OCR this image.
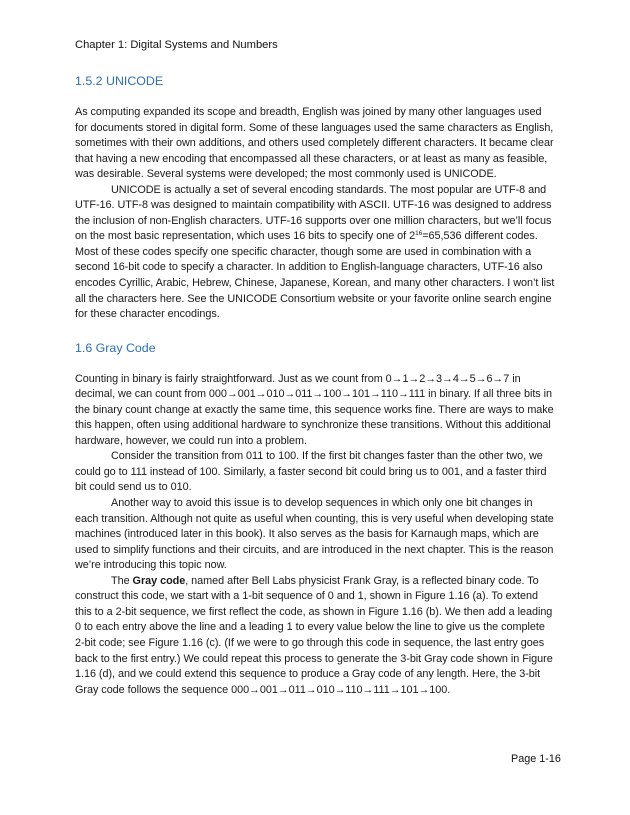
Chapter 1: Digital Systems and Numbers
1.5.2 UNICODE

As computing expanded its scope and breadth, English was joined by many other languages used for documents stored in digital form. Some of these languages used the same characters as English, sometimes with their own additions, and others used completely different characters. It became clear that having a new encoding that encompassed all these characters, or at least as many as feasible, was desirable. Several systems were developed; the most commonly used is UNICODE.

UNICODE is actually a set of several encoding standards. The most popular are UTF-8 and UTF-16. UTF-8 was designed to maintain compatibility with ASCII. UTF-16 was designed to address the inclusion of non-English characters. UTF-16 supports over one million characters, but we’ll focus on the most basic representation, which uses 16 bits to specify one of $2^{16}=65,536$ different codes. Most of these codes specify one specific character, though some are used in combination with a second 16-bit code to specify a character. In addition to English-language characters, UTF-16 also encodes Cyrillic, Arabic, Hebrew, Chinese, Japanese, Korean, and many other characters. I won’t list all the characters here. See the UNICODE Consortium website or your favorite online search engine for these character encodings.

1.6 Gray Code

Counting in binary is fairly straightforward. Just as we count from 0→1→2→3→4→5→6→7 in decimal, we can count from 000→001→010→011→100→101→110→111 in binary. If all three bits in the binary count change at exactly the same time, this sequence works fine. There are ways to make this happen, often using additional hardware to synchronize these transitions. Without this additional hardware, however, we could run into a problem.

Consider the transition from 011 to 100. If the first bit changes faster than the other two, we could go to 111 instead of 100. Similarly, a faster second bit could bring us to 001, and a faster third bit could send us to 010.

Another way to avoid this issue is to develop sequences in which only one bit changes in each transition. Although not quite as useful when counting, this is very useful when developing state machines (introduced later in this book). It also serves as the basis for Karnaugh maps, which are used to simplify functions and their circuits, and are introduced in the next chapter. This is the reason we’re introducing this topic now.

The Gray code, named after Bell Labs physicist Frank Gray, is a reflected binary code. To construct this code, we start with a 1-bit sequence of 0 and 1, shown in Figure 1.16 (a). To extend this to a 2-bit sequence, we first reflect the code, as shown in Figure 1.16 (b). We then add a leading 0 to each entry above the line and a leading 1 to every value below the line to give us the complete 2-bit code; see Figure 1.16 (c). (If we were to go through this code in sequence, the last entry goes back to the first entry.) We could repeat this process to generate the 3-bit Gray code shown in Figure 1.16 (d), and we could extend this sequence to produce a Gray code of any length. Here, the 3-bit Gray code follows the sequence 000→001→011→010→110→111→101→100.

Page 1-16
